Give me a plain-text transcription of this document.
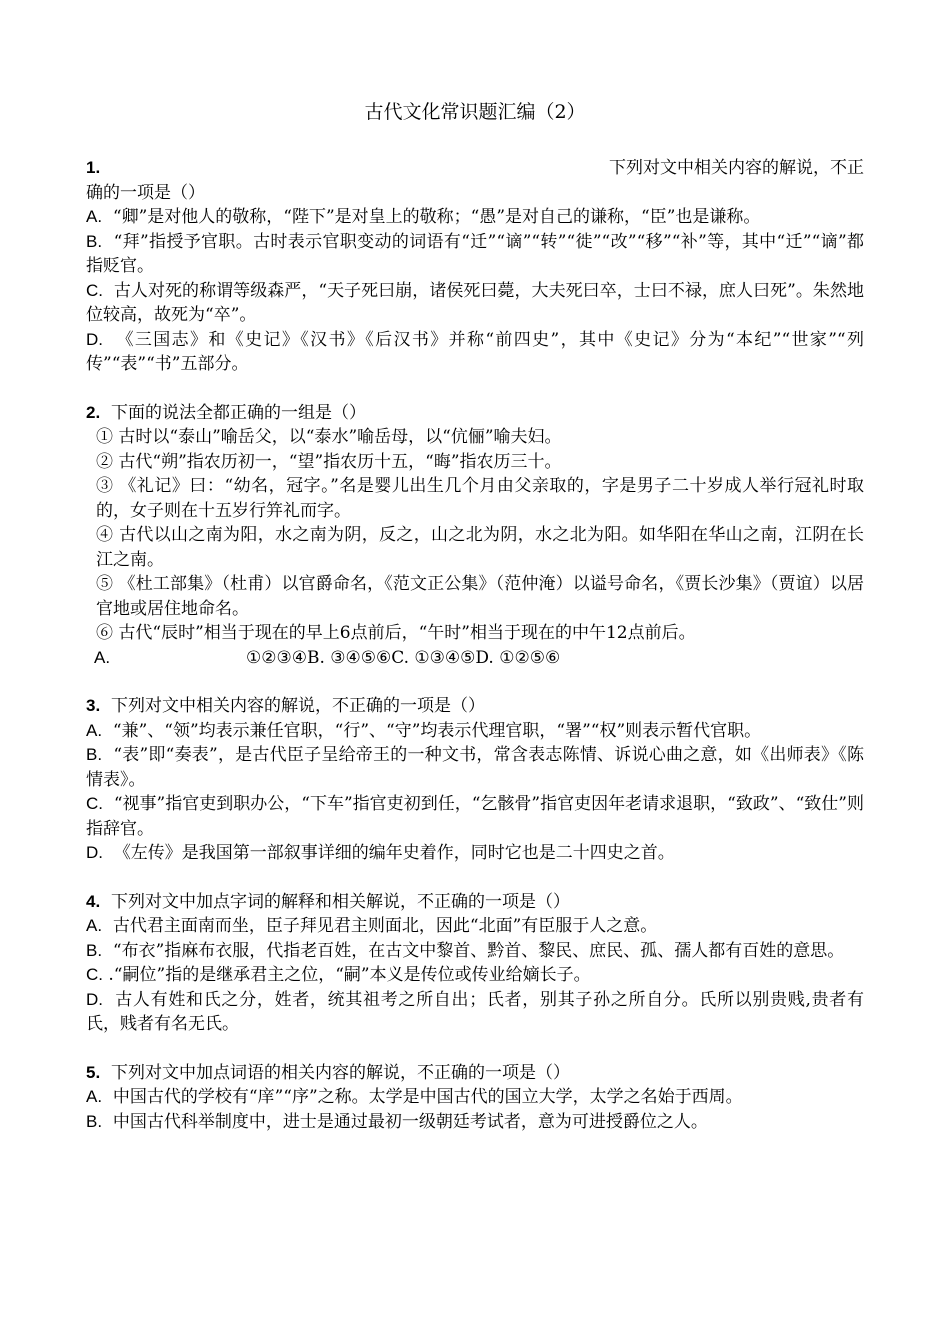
古代文化常识题汇编（2）
1.	下列对文中相关内容的解说，不正
确的一项是（）
A. “卿”是对他人的敬称，“陛下”是对皇上的敬称；“愚”是对自己的谦称，“臣”也是谦称。
B. “拜”指授予官职。古时表示官职变动的词语有“迁”“谪”“转”“徙”“改”“移”“补”等，其中“迁”“谪”都指贬官。
C. 古人对死的称谓等级森严，“天子死曰崩，诸侯死曰薨，大夫死曰卒，士曰不禄，庶人曰死”。朱然地位较高，故死为“卒”。
D. 《三国志》和《史记》《汉书》《后汉书》并称“前四史”，其中《史记》分为“本纪”“世家”“列传”“表”“书”五部分。
2. 下面的说法全都正确的一组是（）
① 古时以“泰山”喻岳父，以“泰水”喻岳母，以“伉俪”喻夫妇。
② 古代“朔”指农历初一，“望”指农历十五，“晦”指农历三十。
③ 《礼记》曰：“幼名，冠字。”名是婴儿出生几个月由父亲取的，字是男子二十岁成人举行冠礼时取的，女子则在十五岁行笄礼而字。
④ 古代以山之南为阳，水之南为阴，反之，山之北为阴，水之北为阳。如华阳在华山之南，江阴在长江之南。
⑤ 《杜工部集》（杜甫）以官爵命名，《范文正公集》（范仲淹）以谥号命名，《贾长沙集》（贾谊）以居官地或居住地命名。
⑥ 古代“辰时”相当于现在的早上6点前后，“午时”相当于现在的中午12点前后。
A.	①②③④B. ③④⑤⑥C. ①③④⑤D. ①②⑤⑥
3. 下列对文中相关内容的解说，不正确的一项是（）
A. “兼”、“领”均表示兼任官职，“行”、“守”均表示代理官职，“署”“权”则表示暂代官职。
B. “表”即“奏表”，是古代臣子呈给帝王的一种文书，常含表志陈情、诉说心曲之意，如《出师表》《陈情表》。
C. “视事”指官吏到职办公，“下车”指官吏初到任，“乞骸骨”指官吏因年老请求退职，“致政”、“致仕”则指辞官。
D. 《左传》是我国第一部叙事详细的编年史着作，同时它也是二十四史之首。
4. 下列对文中加点字词的解释和相关解说，不正确的一项是（）
A. 古代君主面南而坐，臣子拜见君主则面北，因此“北面”有臣服于人之意。
B. “布衣”指麻布衣服，代指老百姓，在古文中黎首、黔首、黎民、庶民、孤、孺人都有百姓的意思。
C. .“嗣位”指的是继承君主之位，“嗣”本义是传位或传业给嫡长子。
D. 古人有姓和氏之分，姓者，统其祖考之所自出；氏者，别其子孙之所自分。氏所以别贵贱,贵者有氏，贱者有名无氏。
5. 下列对文中加点词语的相关内容的解说，不正确的一项是（）
A. 中国古代的学校有“庠”“序”之称。太学是中国古代的国立大学，太学之名始于西周。
B. 中国古代科举制度中，进士是通过最初一级朝廷考试者，意为可进授爵位之人。
